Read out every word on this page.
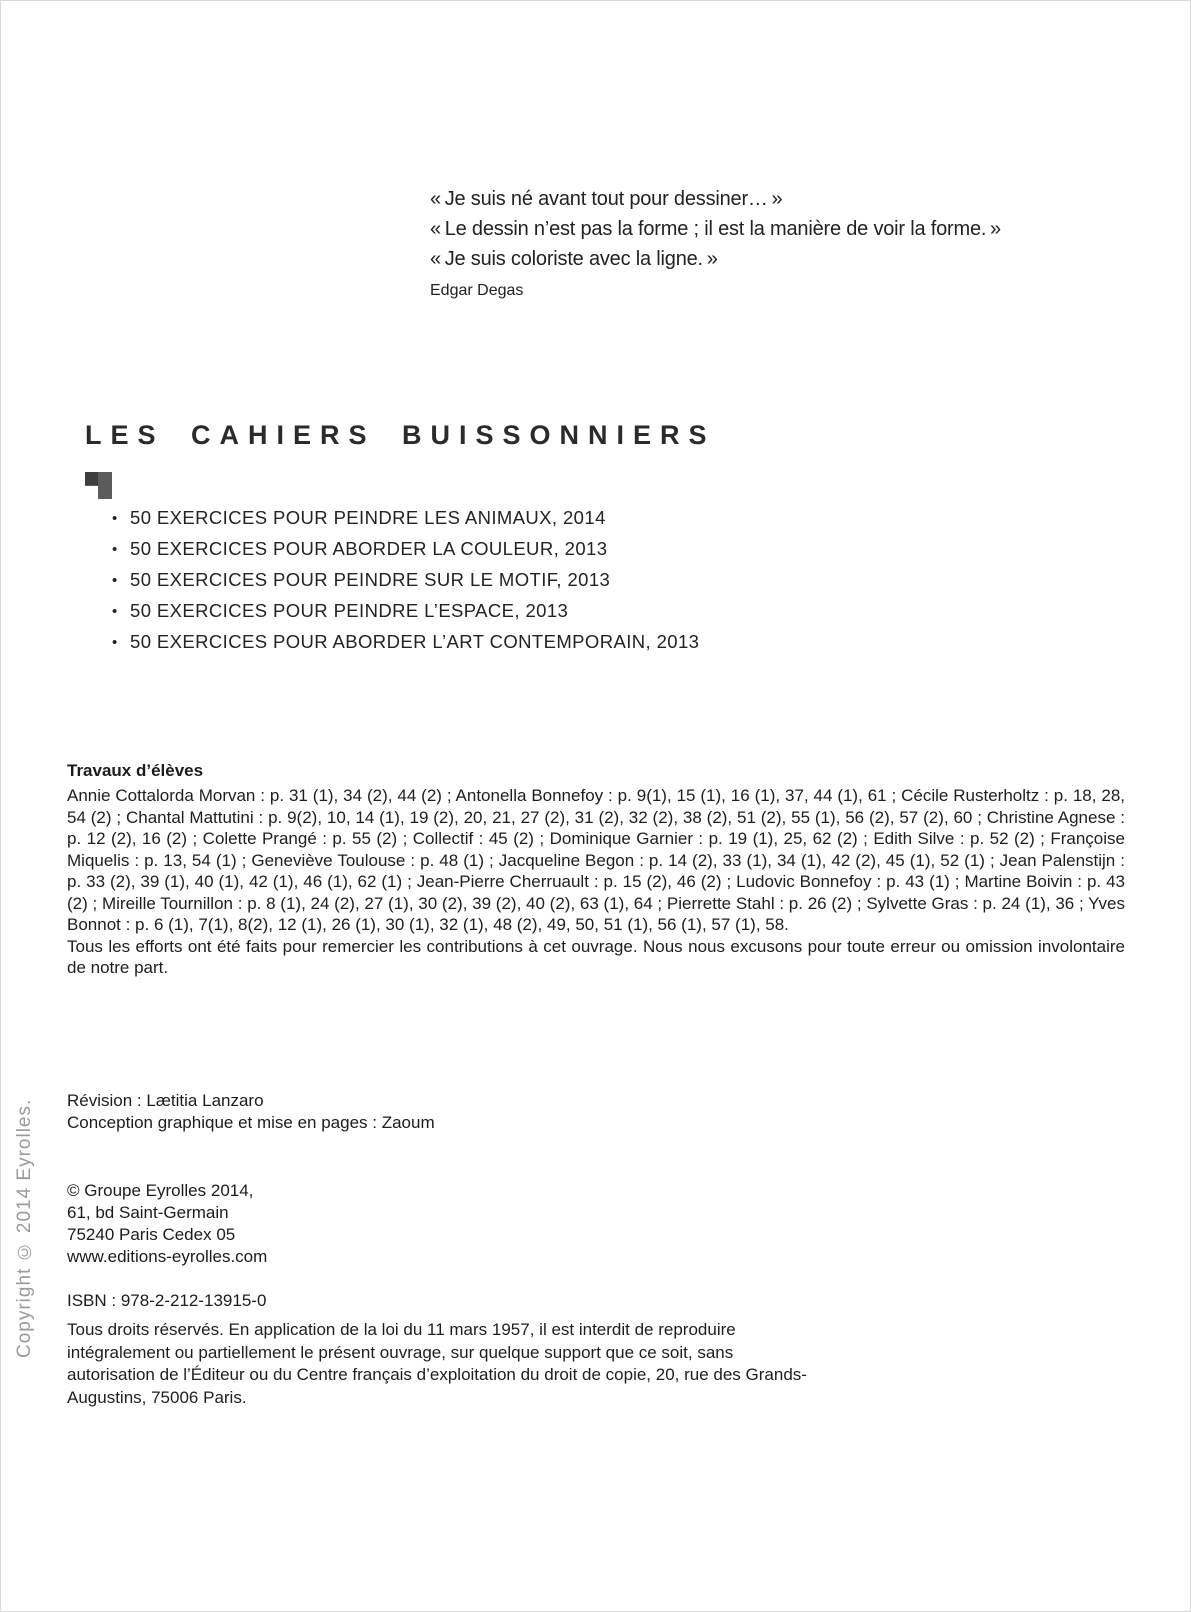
« Je suis né avant tout pour dessiner… »
« Le dessin n’est pas la forme ; il est la manière de voir la forme. »
« Je suis coloriste avec la ligne. »
Edgar Degas
LES CAHIERS BUISSONNIERS
• 50 EXERCICES POUR PEINDRE LES ANIMAUX, 2014
• 50 EXERCICES POUR ABORDER LA COULEUR, 2013
• 50 EXERCICES POUR PEINDRE SUR LE MOTIF, 2013
• 50 EXERCICES POUR PEINDRE L’ESPACE, 2013
• 50 EXERCICES POUR ABORDER L’ART CONTEMPORAIN, 2013
Travaux d’élèves
Annie Cottalorda Morvan : p. 31 (1), 34 (2), 44 (2) ; Antonella Bonnefoy : p. 9(1), 15 (1), 16 (1), 37, 44 (1), 61 ; Cécile Rusterholtz : p. 18, 28, 54 (2) ; Chantal Mattutini : p. 9(2), 10, 14 (1), 19 (2), 20, 21, 27 (2), 31 (2), 32 (2), 38 (2), 51 (2), 55 (1), 56 (2), 57 (2), 60 ; Christine Agnese : p. 12 (2), 16 (2) ; Colette Prangé : p. 55 (2) ; Collectif : 45 (2) ; Dominique Garnier : p. 19 (1), 25, 62 (2) ; Edith Silve : p. 52 (2) ; Françoise Miquelis : p. 13, 54 (1) ; Geneviève Toulouse : p. 48 (1) ; Jacqueline Begon : p. 14 (2), 33 (1), 34 (1), 42 (2), 45 (1), 52 (1) ; Jean Palenstijn : p. 33 (2), 39 (1), 40 (1), 42 (1), 46 (1), 62 (1) ; Jean-Pierre Cherruault : p. 15 (2), 46 (2) ; Ludovic Bonnefoy : p. 43 (1) ; Martine Boivin : p. 43 (2) ; Mireille Tournillon : p. 8 (1), 24 (2), 27 (1), 30 (2), 39 (2), 40 (2), 63 (1), 64 ; Pierrette Stahl : p. 26 (2) ; Sylvette Gras : p. 24 (1), 36 ; Yves Bonnot : p. 6 (1), 7(1), 8(2), 12 (1), 26 (1), 30 (1), 32 (1), 48 (2), 49, 50, 51 (1), 56 (1), 57 (1), 58.
Tous les efforts ont été faits pour remercier les contributions à cet ouvrage. Nous nous excusons pour toute erreur ou omission involontaire de notre part.
Révision : Lætitia Lanzaro
Conception graphique et mise en pages : Zaoum
© Groupe Eyrolles 2014,
61, bd Saint-Germain
75240 Paris Cedex 05
www.editions-eyrolles.com
ISBN : 978-2-212-13915-0
Tous droits réservés. En application de la loi du 11 mars 1957, il est interdit de reproduire intégralement ou partiellement le présent ouvrage, sur quelque support que ce soit, sans autorisation de l’Éditeur ou du Centre français d’exploitation du droit de copie, 20, rue des Grands-Augustins, 75006 Paris.
Copyright © 2014 Eyrolles.
